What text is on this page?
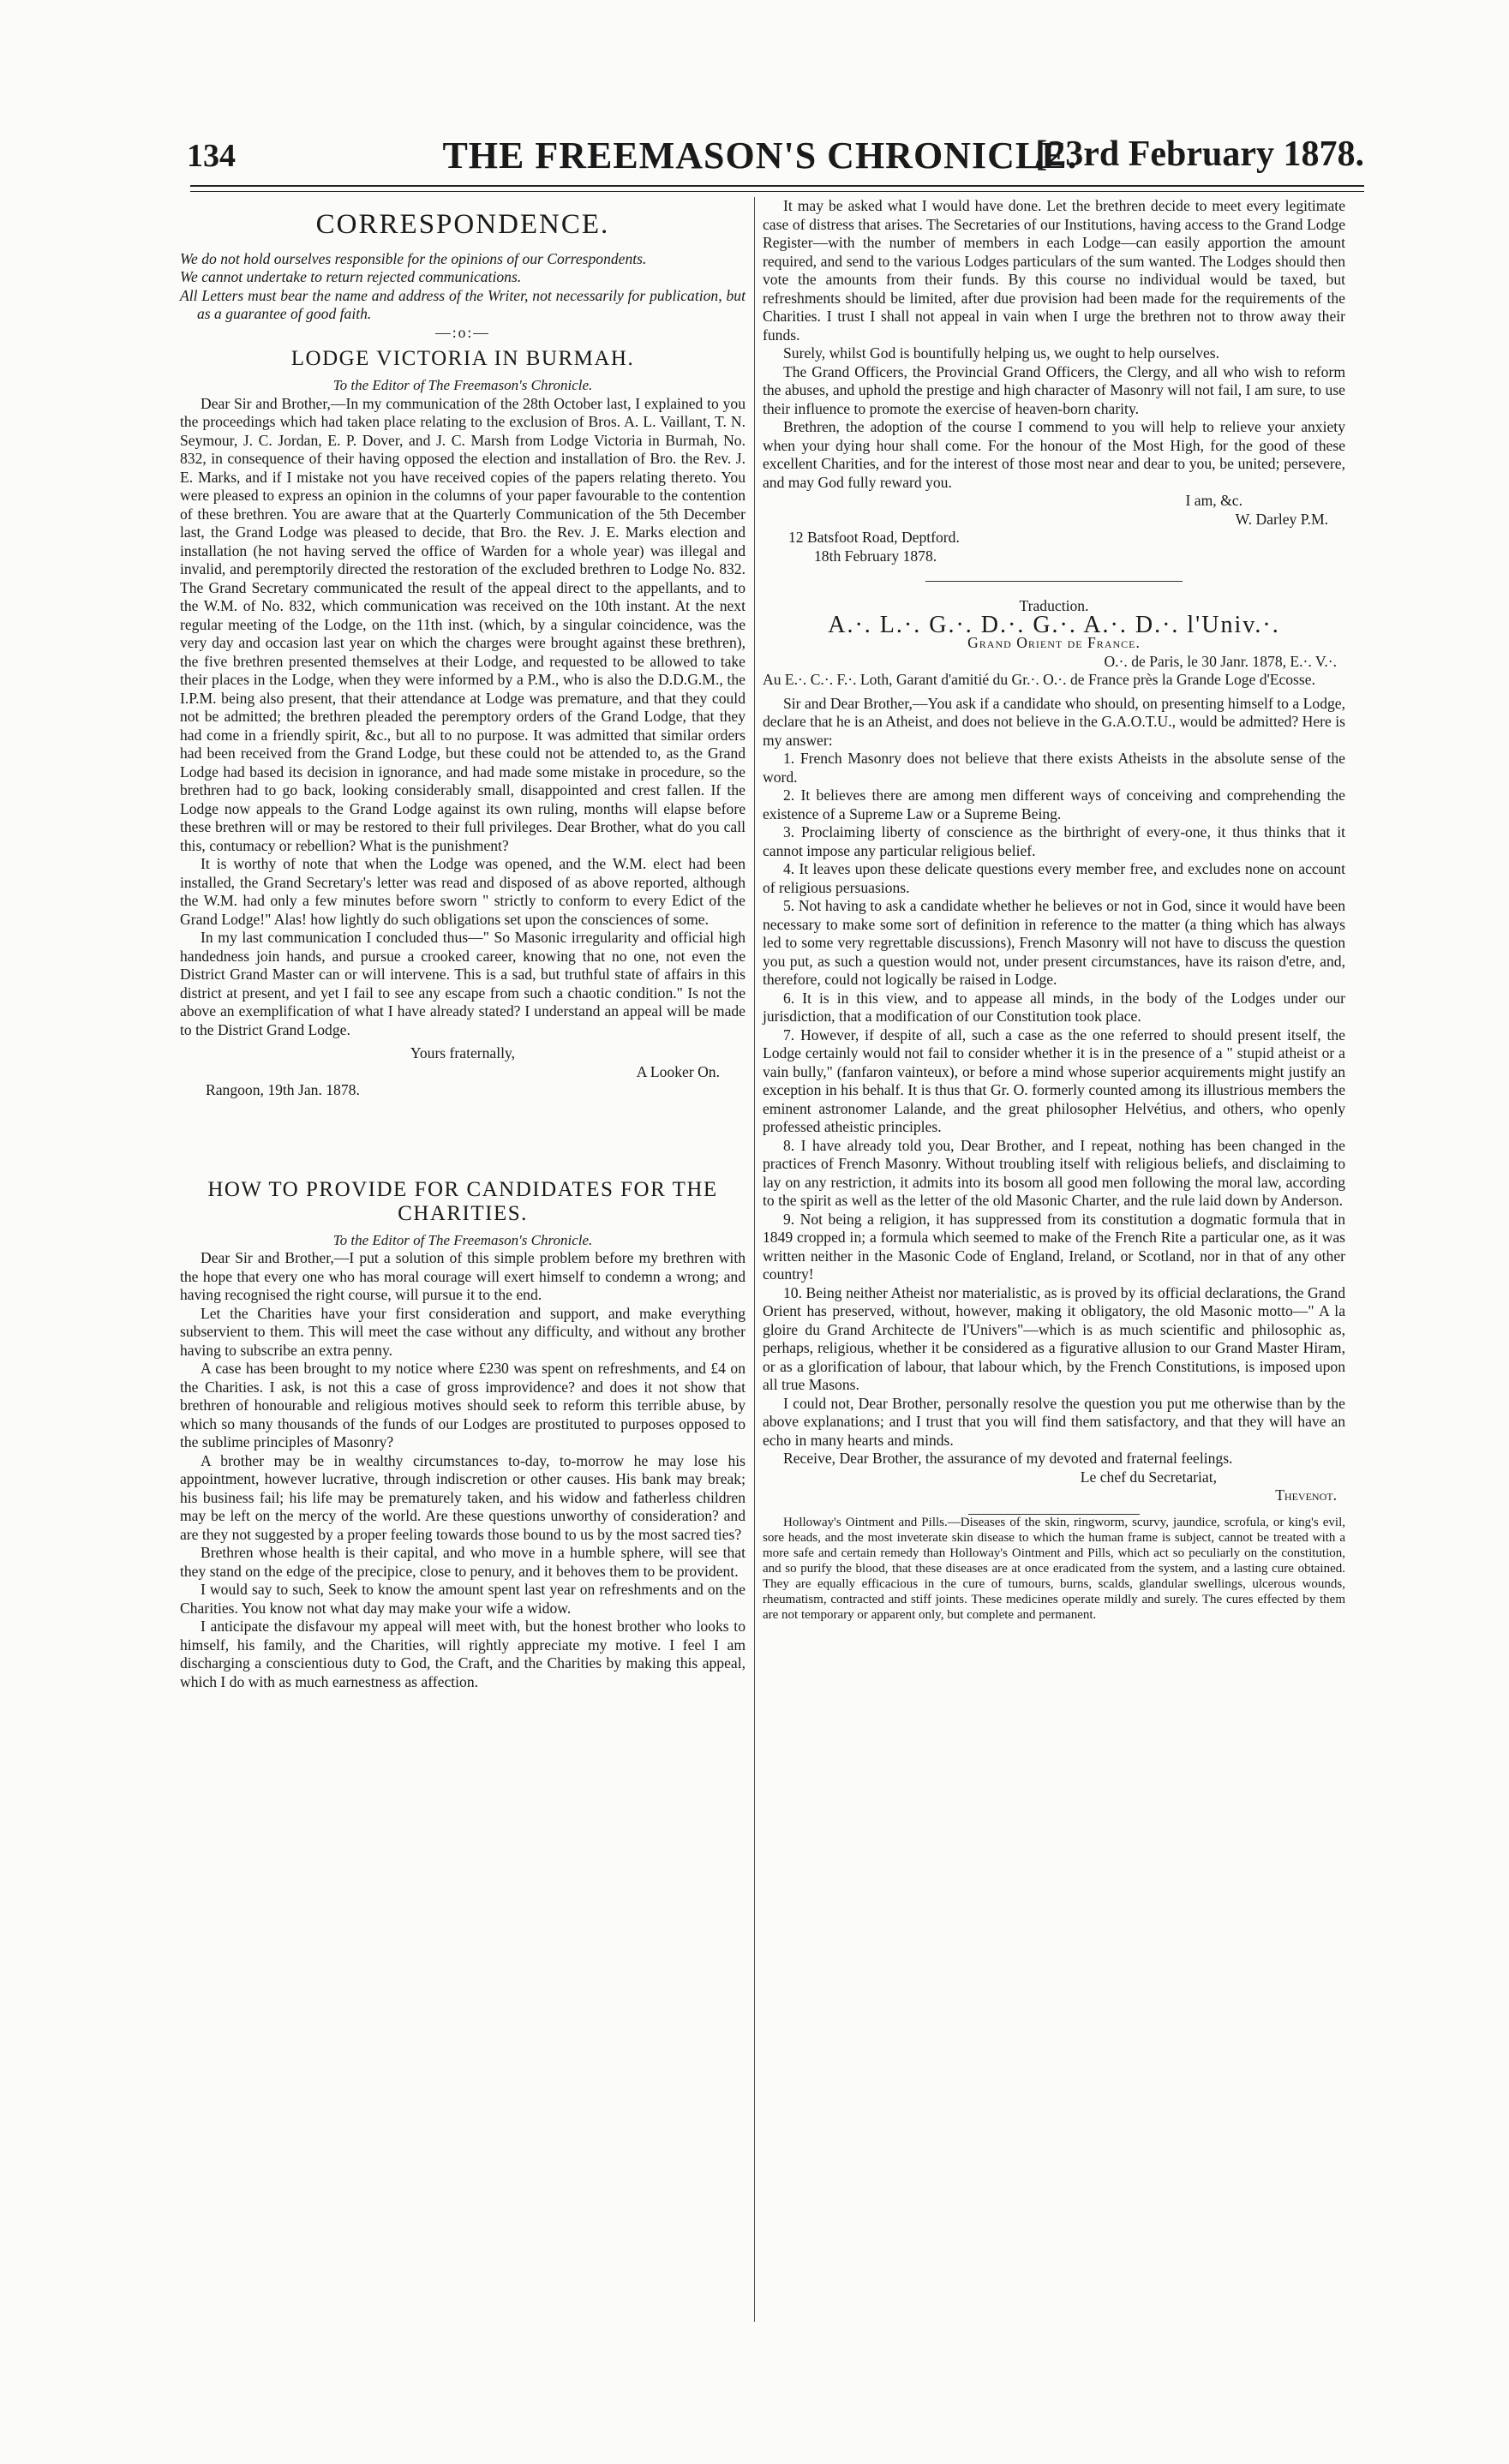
134	THE FREEMASON'S CHRONICLE.
[23rd February 1878.
CORRESPONDENCE.

We do not hold ourselves responsible for the opinions of our Correspondents.

We cannot undertake to return rejected communications.

All Letters must bear the name and address of the Writer, not necessarily for publication, but as a guarantee of good faith.

—:o:—

LODGE VICTORIA IN BURMAH.

To the Editor of The Freemason's Chronicle.

Dear Sir and Brother,—In my communication of the 28th October last, I explained to you the proceedings which had taken place relating to the exclusion of Bros. A. L. Vaillant, T. N. Seymour, J. C. Jordan, E. P. Dover, and J. C. Marsh from Lodge Victoria in Burmah, No. 832, in consequence of their having opposed the election and installation of Bro. the Rev. J. E. Marks, and if I mistake not you have received copies of the papers relating thereto. You were pleased to express an opinion in the columns of your paper favourable to the contention of these brethren. You are aware that at the Quarterly Communication of the 5th December last, the Grand Lodge was pleased to decide, that Bro. the Rev. J. E. Marks election and installation (he not having served the office of Warden for a whole year) was illegal and invalid, and peremptorily directed the restoration of the excluded brethren to Lodge No. 832. The Grand Secretary communicated the result of the appeal direct to the appellants, and to the W.M. of No. 832, which communication was received on the 10th instant. At the next regular meeting of the Lodge, on the 11th inst. (which, by a singular coincidence, was the very day and occasion last year on which the charges were brought against these brethren), the five brethren presented themselves at their Lodge, and requested to be allowed to take their places in the Lodge, when they were informed by a P.M., who is also the D.D.G.M., the I.P.M. being also present, that their attendance at Lodge was premature, and that they could not be admitted; the brethren pleaded the peremptory orders of the Grand Lodge, that they had come in a friendly spirit, &c., but all to no purpose. It was admitted that similar orders had been received from the Grand Lodge, but these could not be attended to, as the Grand Lodge had based its decision in ignorance, and had made some mistake in procedure, so the brethren had to go back, looking considerably small, disappointed and crest fallen. If the Lodge now appeals to the Grand Lodge against its own ruling, months will elapse before these brethren will or may be restored to their full privileges. Dear Brother, what do you call this, contumacy or rebellion? What is the punishment?

It is worthy of note that when the Lodge was opened, and the W.M. elect had been installed, the Grand Secretary's letter was read and disposed of as above reported, although the W.M. had only a few minutes before sworn " strictly to conform to every Edict of the Grand Lodge!" Alas! how lightly do such obligations set upon the consciences of some.

In my last communication I concluded thus—" So Masonic irregularity and official high handedness join hands, and pursue a crooked career, knowing that no one, not even the District Grand Master can or will intervene. This is a sad, but truthful state of affairs in this district at present, and yet I fail to see any escape from such a chaotic condition." Is not the above an exemplification of what I have already stated? I understand an appeal will be made to the District Grand Lodge.

Yours fraternally,

A Looker On.

Rangoon, 19th Jan. 1878.

HOW TO PROVIDE FOR CANDIDATES FOR THE CHARITIES.

To the Editor of The Freemason's Chronicle.

Dear Sir and Brother,—I put a solution of this simple problem before my brethren with the hope that every one who has moral courage will exert himself to condemn a wrong; and having recognised the right course, will pursue it to the end.

Let the Charities have your first consideration and support, and make everything subservient to them. This will meet the case without any difficulty, and without any brother having to subscribe an extra penny.

A case has been brought to my notice where £230 was spent on refreshments, and £4 on the Charities. I ask, is not this a case of gross improvidence? and does it not show that brethren of honourable and religious motives should seek to reform this terrible abuse, by which so many thousands of the funds of our Lodges are prostituted to purposes opposed to the sublime principles of Masonry?

A brother may be in wealthy circumstances to-day, to-morrow he may lose his appointment, however lucrative, through indiscretion or other causes. His bank may break; his business fail; his life may be prematurely taken, and his widow and fatherless children may be left on the mercy of the world. Are these questions unworthy of consideration? and are they not suggested by a proper feeling towards those bound to us by the most sacred ties?

Brethren whose health is their capital, and who move in a humble sphere, will see that they stand on the edge of the precipice, close to penury, and it behoves them to be provident.

I would say to such, Seek to know the amount spent last year on refreshments and on the Charities. You know not what day may make your wife a widow.

I anticipate the disfavour my appeal will meet with, but the honest brother who looks to himself, his family, and the Charities, will rightly appreciate my motive. I feel I am discharging a conscientious duty to God, the Craft, and the Charities by making this appeal, which I do with as much earnestness as affection.

It may be asked what I would have done. Let the brethren decide to meet every legitimate case of distress that arises. The Secretaries of our Institutions, having access to the Grand Lodge Register—with the number of members in each Lodge—can easily apportion the amount required, and send to the various Lodges particulars of the sum wanted. The Lodges should then vote the amounts from their funds. By this course no individual would be taxed, but refreshments should be limited, after due provision had been made for the requirements of the Charities. I trust I shall not appeal in vain when I urge the brethren not to throw away their funds.

Surely, whilst God is bountifully helping us, we ought to help ourselves.

The Grand Officers, the Provincial Grand Officers, the Clergy, and all who wish to reform the abuses, and uphold the prestige and high character of Masonry will not fail, I am sure, to use their influence to promote the exercise of heaven-born charity.

Brethren, the adoption of the course I commend to you will help to relieve your anxiety when your dying hour shall come. For the honour of the Most High, for the good of these excellent Charities, and for the interest of those most near and dear to you, be united; persevere, and may God fully reward you.

I am, &c.

W. Darley P.M.

12 Batsfoot Road, Deptford.

18th February 1878.

Traduction.

A.·. L.·. G.·. D.·. G.·. A.·. D.·. l'Univ.·.

Grand Orient de France.

O.·. de Paris, le 30 Janr. 1878, E.·. V.·.

Au E.·. C.·. F.·. Loth, Garant d'amitié du Gr.·. O.·. de France près la Grande Loge d'Ecosse.

Sir and Dear Brother,—You ask if a candidate who should, on presenting himself to a Lodge, declare that he is an Atheist, and does not believe in the G.A.O.T.U., would be admitted? Here is my answer:

1. French Masonry does not believe that there exists Atheists in the absolute sense of the word.

2. It believes there are among men different ways of conceiving and comprehending the existence of a Supreme Law or a Supreme Being.

3. Proclaiming liberty of conscience as the birthright of every-one, it thus thinks that it cannot impose any particular religious belief.

4. It leaves upon these delicate questions every member free, and excludes none on account of religious persuasions.

5. Not having to ask a candidate whether he believes or not in God, since it would have been necessary to make some sort of definition in reference to the matter (a thing which has always led to some very regrettable discussions), French Masonry will not have to discuss the question you put, as such a question would not, under present circumstances, have its raison d'etre, and, therefore, could not logically be raised in Lodge.

6. It is in this view, and to appease all minds, in the body of the Lodges under our jurisdiction, that a modification of our Constitution took place.

7. However, if despite of all, such a case as the one referred to should present itself, the Lodge certainly would not fail to consider whether it is in the presence of a " stupid atheist or a vain bully," (fanfaron vainteux), or before a mind whose superior acquirements might justify an exception in his behalf. It is thus that Gr. O. formerly counted among its illustrious members the eminent astronomer Lalande, and the great philosopher Helvétius, and others, who openly professed atheistic principles.

8. I have already told you, Dear Brother, and I repeat, nothing has been changed in the practices of French Masonry. Without troubling itself with religious beliefs, and disclaiming to lay on any restriction, it admits into its bosom all good men following the moral law, according to the spirit as well as the letter of the old Masonic Charter, and the rule laid down by Anderson.

9. Not being a religion, it has suppressed from its constitution a dogmatic formula that in 1849 cropped in; a formula which seemed to make of the French Rite a particular one, as it was written neither in the Masonic Code of England, Ireland, or Scotland, nor in that of any other country!

10. Being neither Atheist nor materialistic, as is proved by its official declarations, the Grand Orient has preserved, without, however, making it obligatory, the old Masonic motto—" A la gloire du Grand Architecte de l'Univers"—which is as much scientific and philosophic as, perhaps, religious, whether it be considered as a figurative allusion to our Grand Master Hiram, or as a glorification of labour, that labour which, by the French Constitutions, is imposed upon all true Masons.

I could not, Dear Brother, personally resolve the question you put me otherwise than by the above explanations; and I trust that you will find them satisfactory, and that they will have an echo in many hearts and minds.

Receive, Dear Brother, the assurance of my devoted and fraternal feelings.

Le chef du Secretariat,

Thevenot.

Holloway's Ointment and Pills.—Diseases of the skin, ringworm, scurvy, jaundice, scrofula, or king's evil, sore heads, and the most inveterate skin disease to which the human frame is subject, cannot be treated with a more safe and certain remedy than Holloway's Ointment and Pills, which act so peculiarly on the constitution, and so purify the blood, that these diseases are at once eradicated from the system, and a lasting cure obtained. They are equally efficacious in the cure of tumours, burns, scalds, glandular swellings, ulcerous wounds, rheumatism, contracted and stiff joints. These medicines operate mildly and surely. The cures effected by them are not temporary or apparent only, but complete and permanent.
